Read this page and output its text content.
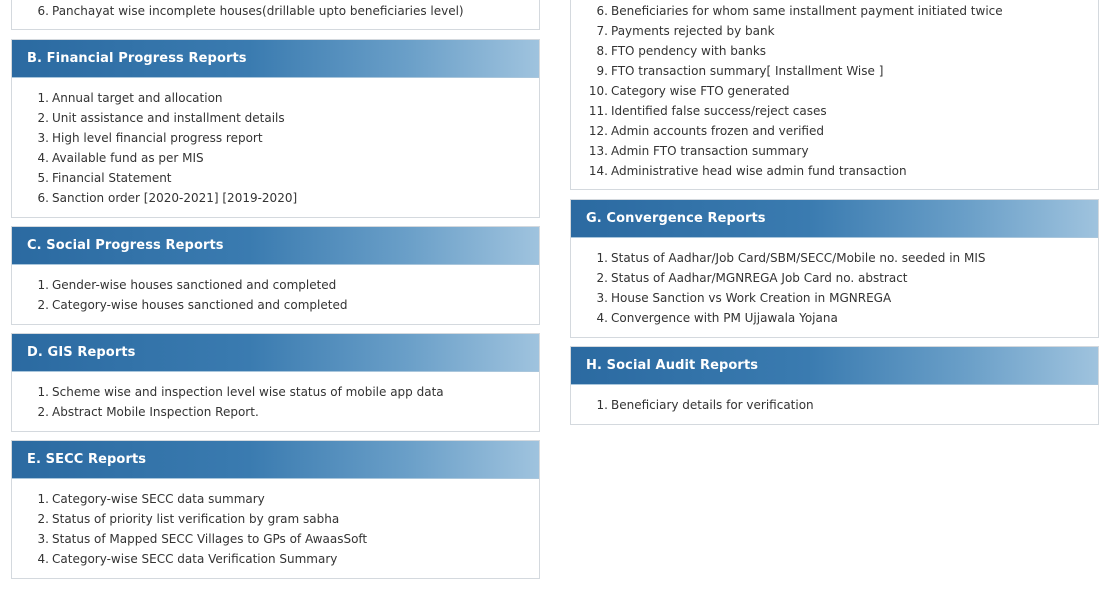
6. Panchayat wise incomplete houses(drillable upto beneficiaries level)
B. Financial Progress Reports
1. Annual target and allocation
2. Unit assistance and installment details
3. High level financial progress report
4. Available fund as per MIS
5. Financial Statement
6. Sanction order [2020-2021] [2019-2020]
C. Social Progress Reports
1. Gender-wise houses sanctioned and completed
2. Category-wise houses sanctioned and completed
D. GIS Reports
1. Scheme wise and inspection level wise status of mobile app data
2. Abstract Mobile Inspection Report.
E. SECC Reports
1. Category-wise SECC data summary
2. Status of priority list verification by gram sabha
3. Status of Mapped SECC Villages to GPs of AwaasSoft
4. Category-wise SECC data Verification Summary
6. Beneficiaries for whom same installment payment initiated twice
7. Payments rejected by bank
8. FTO pendency with banks
9. FTO transaction summary[ Installment Wise ]
10. Category wise FTO generated
11. Identified false success/reject cases
12. Admin accounts frozen and verified
13. Admin FTO transaction summary
14. Administrative head wise admin fund transaction
G. Convergence Reports
1. Status of Aadhar/Job Card/SBM/SECC/Mobile no. seeded in MIS
2. Status of Aadhar/MGNREGA Job Card no. abstract
3. House Sanction vs Work Creation in MGNREGA
4. Convergence with PM Ujjawala Yojana
H. Social Audit Reports
1. Beneficiary details for verification
